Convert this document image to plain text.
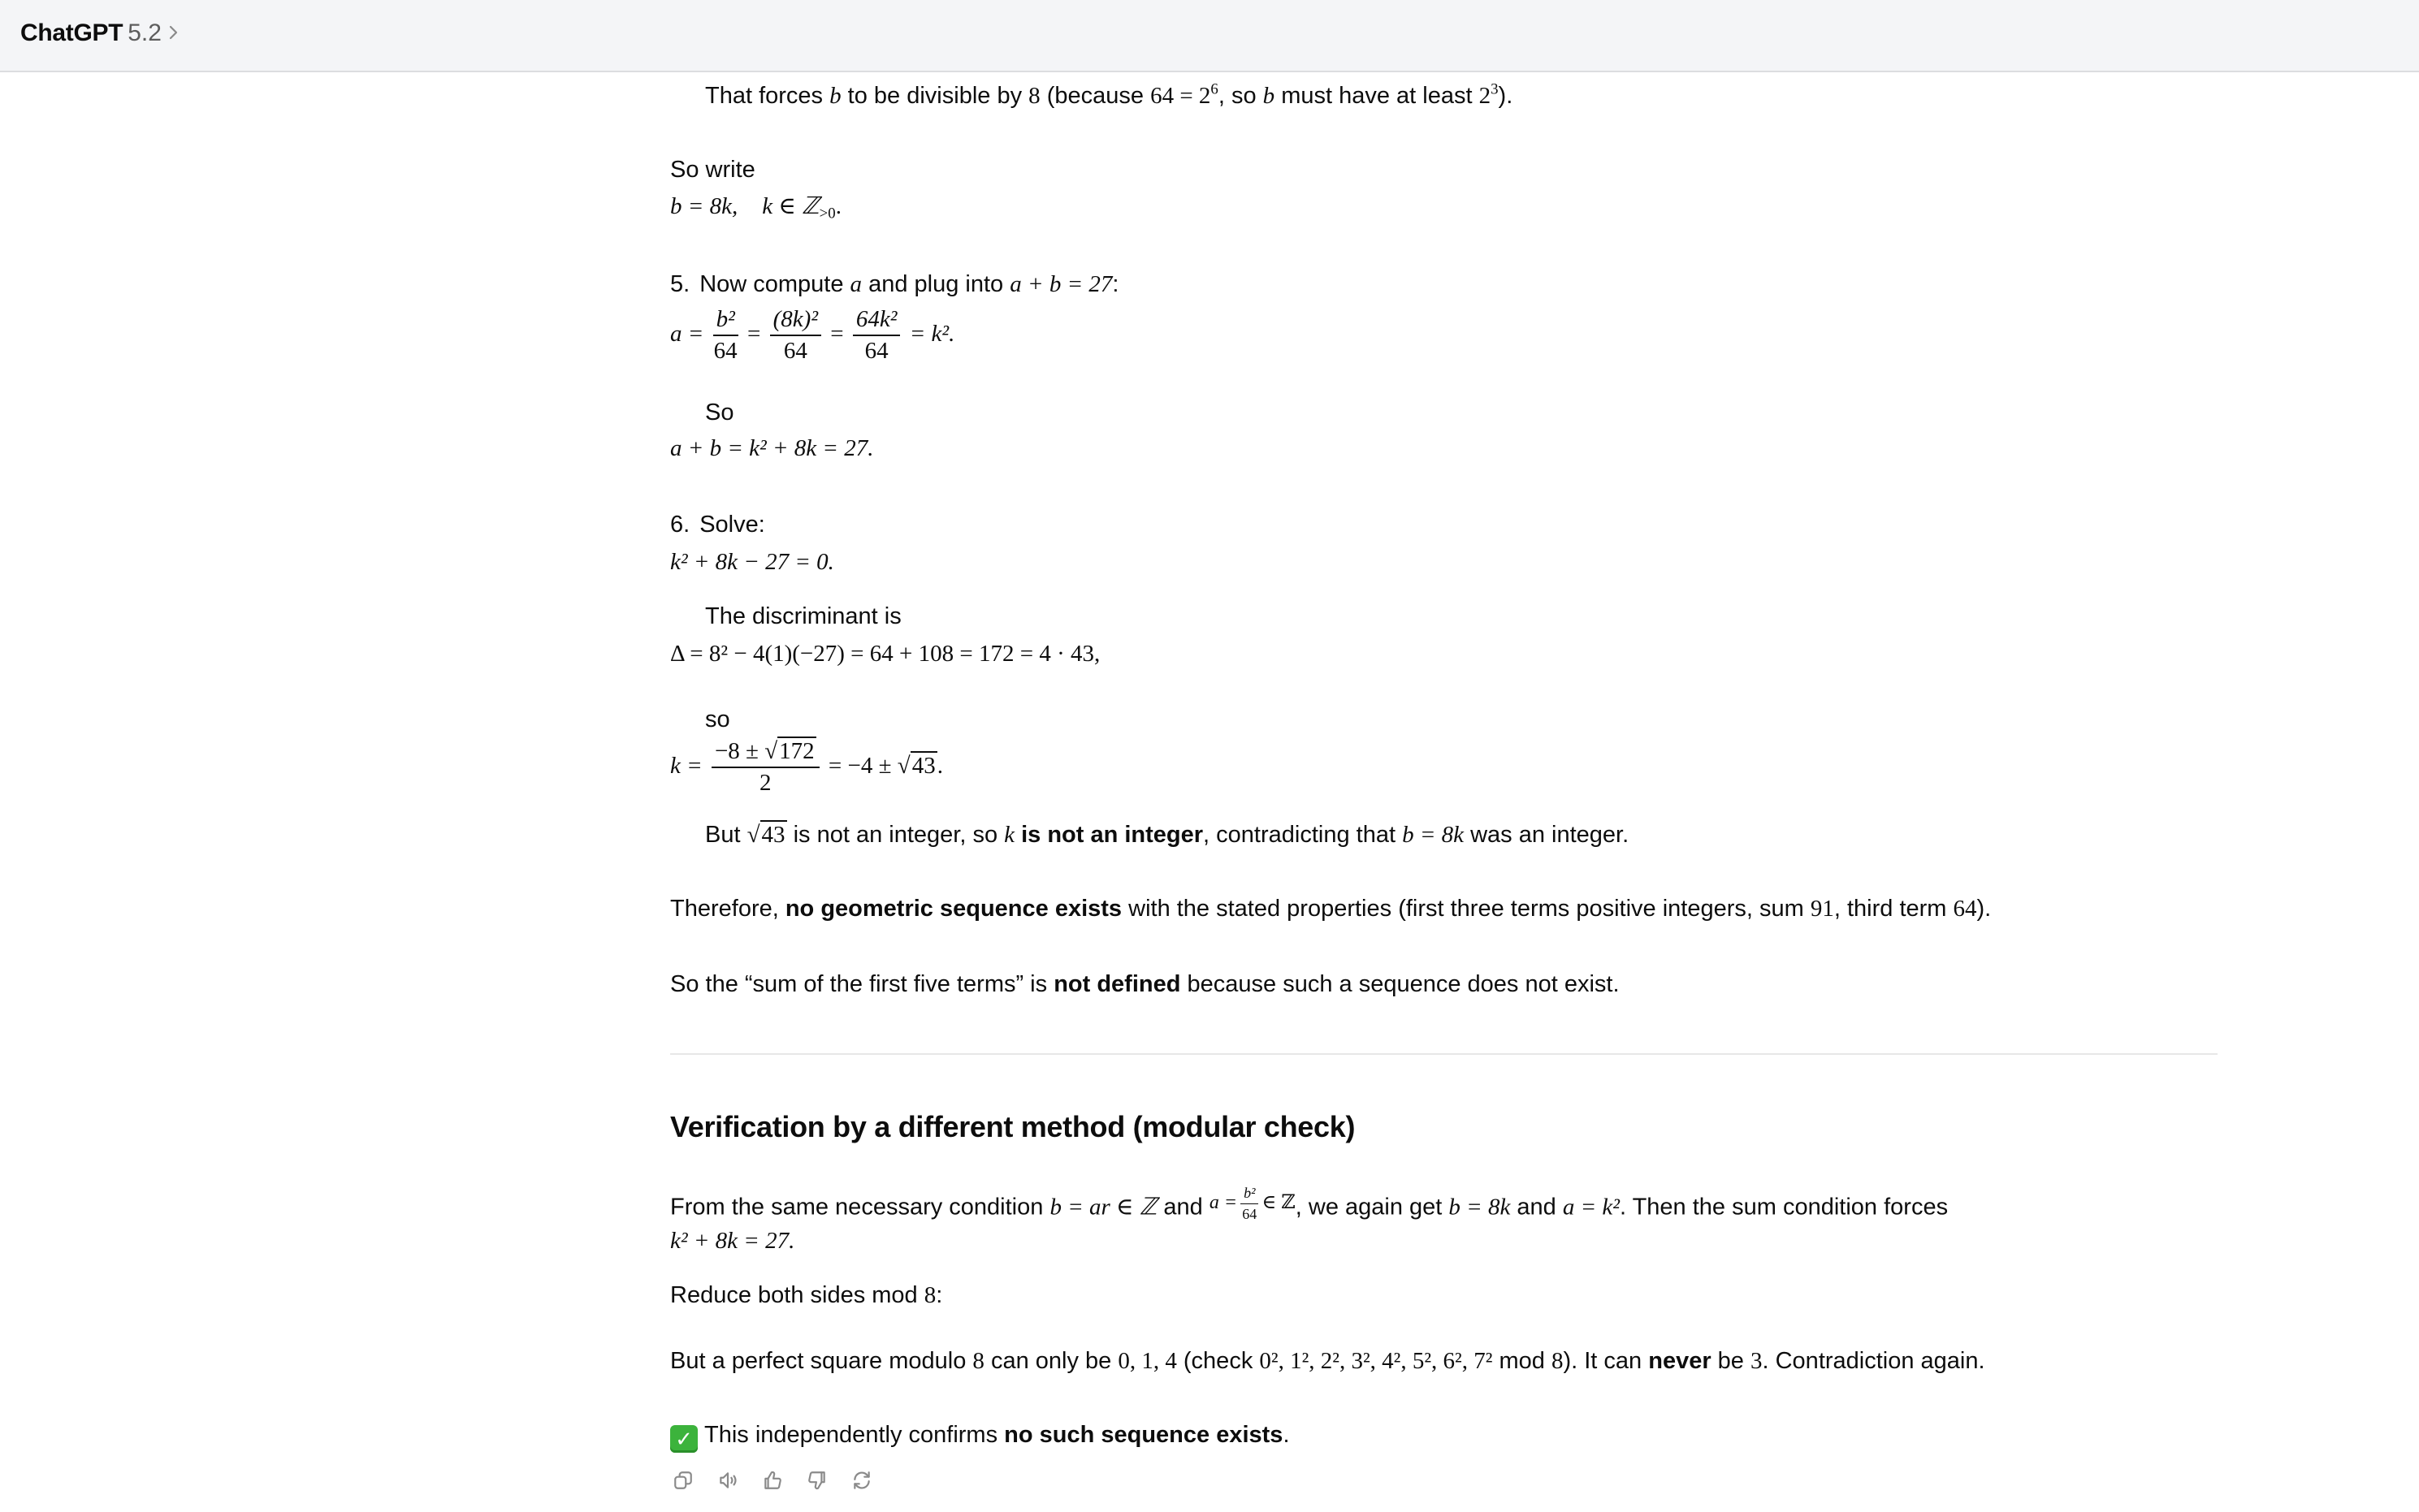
ChatGPT 5.2
That forces b to be divisible by 8 (because $64 = 2^6$, so b must have at least $2^3$).
So write
b = 8k, k ∈ ℤ$_{>0}$.
5. Now compute a and plug into a + b = 27:
$a = \frac{\text{b²}}{64} = \frac{\text{(8k)²}}{64} = \frac{\text{64k²}}{64} = k^2$.
So
a + b = k² + 8k = 27.
6. Solve:
k² + 8k − 27 = 0.
The discriminant is
Δ = 8² − 4(1)(−27) = 64 + 108 = 172 = 4 · 43,
so
$k = \frac{-8 \pm √172}{2} = -4 \pm √43$.
But √43 is not an integer, so k is not an integer, contradicting that b = 8k was an integer.
Therefore, no geometric sequence exists with the stated properties (first three terms positive integers, sum 91, third term 64).
So the “sum of the first five terms” is not defined because such a sequence does not exist.
Verification by a different method (modular check)
From the same necessary condition b = ar ∈ ℤ and $^{a = \frac{\text{b²}}{64} \in ℤ}$, we again get b = 8k and a = k². Then the sum condition forces
k² + 8k = 27.
Reduce both sides mod 8:
But a perfect square modulo 8 can only be 0, 1, 4 (check 0², 1², 2², 3², 4², 5², 6², 7² mod 8). It can never be 3. Contradiction again.
✓ This independently confirms no such sequence exists.
